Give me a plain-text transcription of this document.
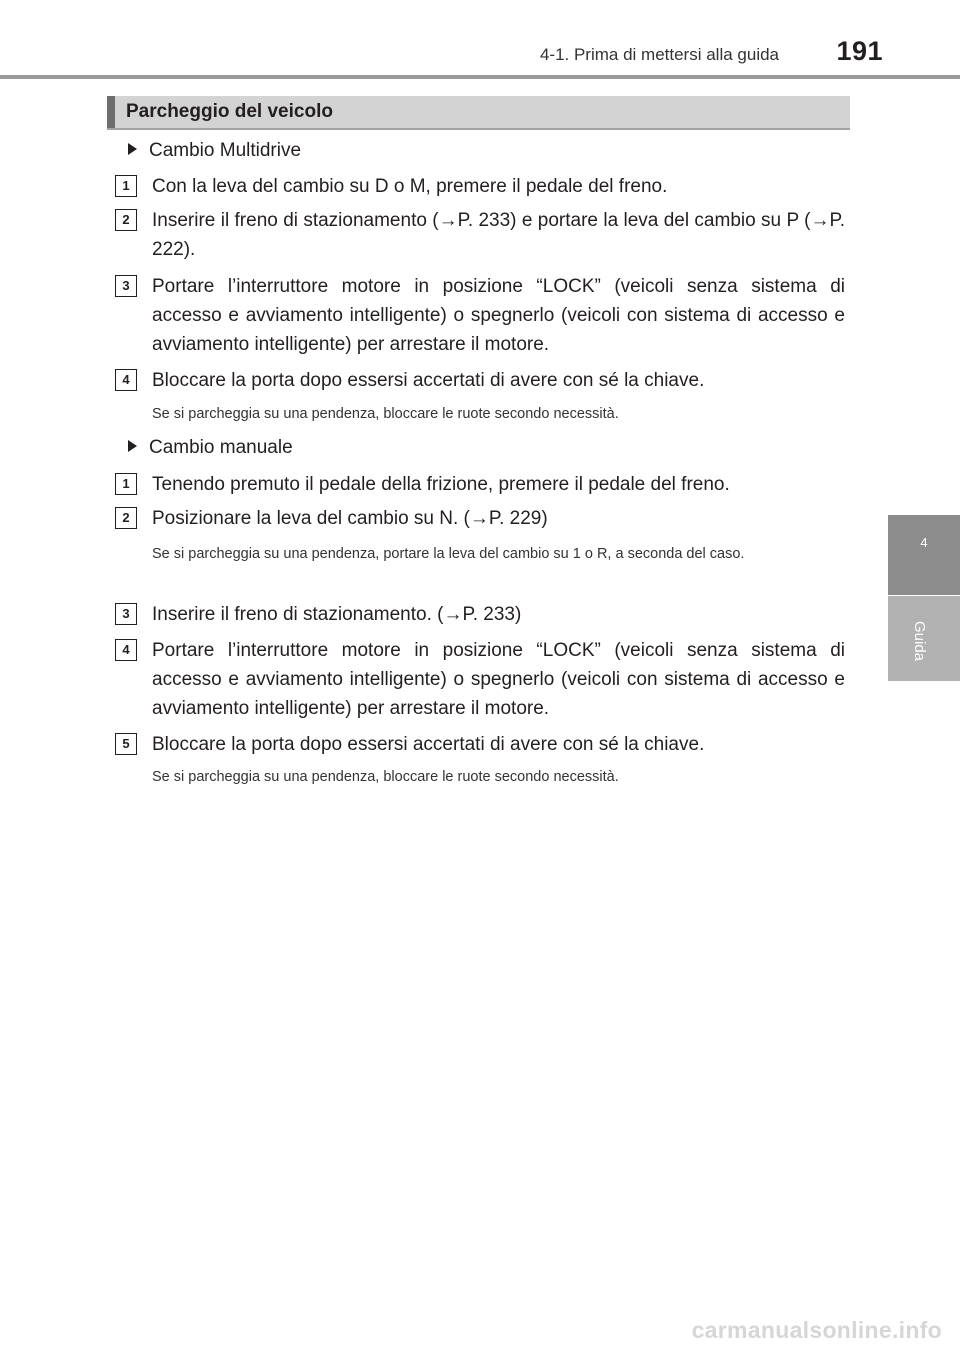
4-1. Prima di mettersi alla guida 191
4
Guida
Parcheggio del veicolo
Cambio Multidrive
1	Con la leva del cambio su D o M, premere il pedale del freno.
2	Inserire il freno di stazionamento (→P. 233) e portare la leva del cambio su P (→P. 222).
3	Portare l’interruttore motore in posizione “LOCK” (veicoli senza sistema di accesso e avviamento intelligente) o spegnerlo (veicoli con sistema di accesso e avviamento intelligente) per arrestare il motore.
4	Bloccare la porta dopo essersi accertati di avere con sé la chiave.
Se si parcheggia su una pendenza, bloccare le ruote secondo necessità.
Cambio manuale
1	Tenendo premuto il pedale della frizione, premere il pedale del freno.
2	Posizionare la leva del cambio su N. (→P. 229)
Se si parcheggia su una pendenza, portare la leva del cambio su 1 o R, a seconda del caso.
3	Inserire il freno di stazionamento. (→P. 233)
4	Portare l’interruttore motore in posizione “LOCK” (veicoli senza sistema di accesso e avviamento intelligente) o spegnerlo (veicoli con sistema di accesso e avviamento intelligente) per arrestare il motore.
5	Bloccare la porta dopo essersi accertati di avere con sé la chiave.
Se si parcheggia su una pendenza, bloccare le ruote secondo necessità.
carmanualsonline.info
